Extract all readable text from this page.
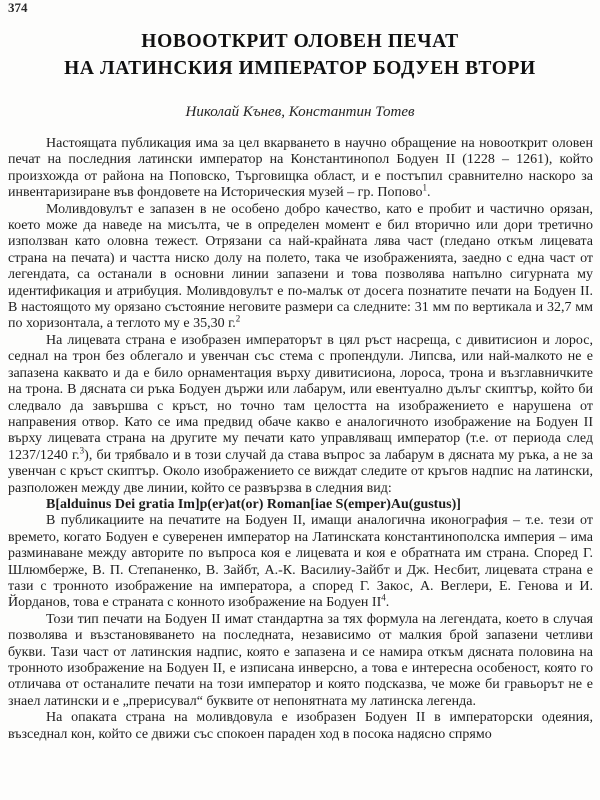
374
НОВООТКРИТ ОЛОВЕН ПЕЧАТ
НА ЛАТИНСКИЯ ИМПЕРАТОР БОДУЕН ВТОРИ
Николай Кънев, Константин Тотев

Настоящата публикация има за цел вкарването в научно обращение на новооткрит оловен печат на последния латински император на Константинопол Бодуен II (1228 – 1261), който произхожда от района на Поповско, Търговищка област, и е постъпил сравнително наскоро за инвентаризиране във фондовете на Историческия музей – гр. Попово$^1$.

Моливдовулът е запазен в не особено добро качество, като е пробит и частично орязан, което може да наведе на мисълта, че в определен момент е бил вторично или дори третично използван като оловна тежест. Отрязани са най-крайната лява част (гледано откъм лицевата страна на печата) и частта ниско долу на полето, така че изображенията, заедно с една част от легендата, са останали в основни линии запазени и това позволява напълно сигурната му идентификация и атрибуция. Моливдовулът е по-малък от досега познатите печати на Бодуен II. В настоящото му орязано състояние неговите размери са следните: 31 мм по вертикала и 32,7 мм по хоризонтала, а теглото му е 35,30 г.$^2$

На лицевата страна е изобразен императорът в цял ръст насреща, с дивитисион и лорос, седнал на трон без облегало и увенчан със стема с пропендули. Липсва, или най-малкото не е запазена каквато и да е било орнаментация върху дивитисиона, лороса, трона и възглавничките на трона. В дясната си ръка Бодуен държи или лабарум, или евентуално дълъг скиптър, който би следвало да завършва с кръст, но точно там целостта на изображението е нарушена от направения отвор. Като се има предвид обаче какво е аналогичното изображение на Бодуен II върху лицевата страна на другите му печати като управляващ император (т.е. от периода след 1237/1240 г.$^3$), би трябвало и в този случай да става въпрос за лабарум в дясната му ръка, а не за увенчан с кръст скиптър. Около изображението се виждат следите от кръгов надпис на латински, разположен между две линии, който се развързва в следния вид:

B[alduinus Dei gratia Im]p(er)at(or) Roman[iae S(emper)Au(gustus)]

В публикациите на печатите на Бодуен II, имащи аналогична иконография – т.е. тези от времето, когато Бодуен е суверенен император на Латинската константинополска империя – има разминаване между авторите по въпроса коя е лицевата и коя е обратната им страна. Според Г. Шлюмберже, В. П. Степаненко, В. Зайбт, А.-К. Василиу-Зайбт и Дж. Несбит, лицевата страна е тази с тронното изображение на императора, а според Г. Закос, А. Веглери, Е. Генова и И. Йорданов, това е страната с конното изображение на Бодуен II$^4$.

Този тип печати на Бодуен II имат стандартна за тях формула на легендата, което в случая позволява и възстановяването на последната, независимо от малкия брой запазени четливи букви. Тази част от латинския надпис, която е запазена и се намира откъм дясната половина на тронното изображение на Бодуен II, е изписана инверсно, а това е интересна особеност, която го отличава от останалите печати на този император и която подсказва, че може би гравьорът не е знаел латински и е „прерисувал“ буквите от непонятната му латинска легенда.

На опаката страна на моливдовула е изобразен Бодуен II в императорски одеяния, възседнал кон, който се движи със спокоен параден ход в посока надясно спрямо
